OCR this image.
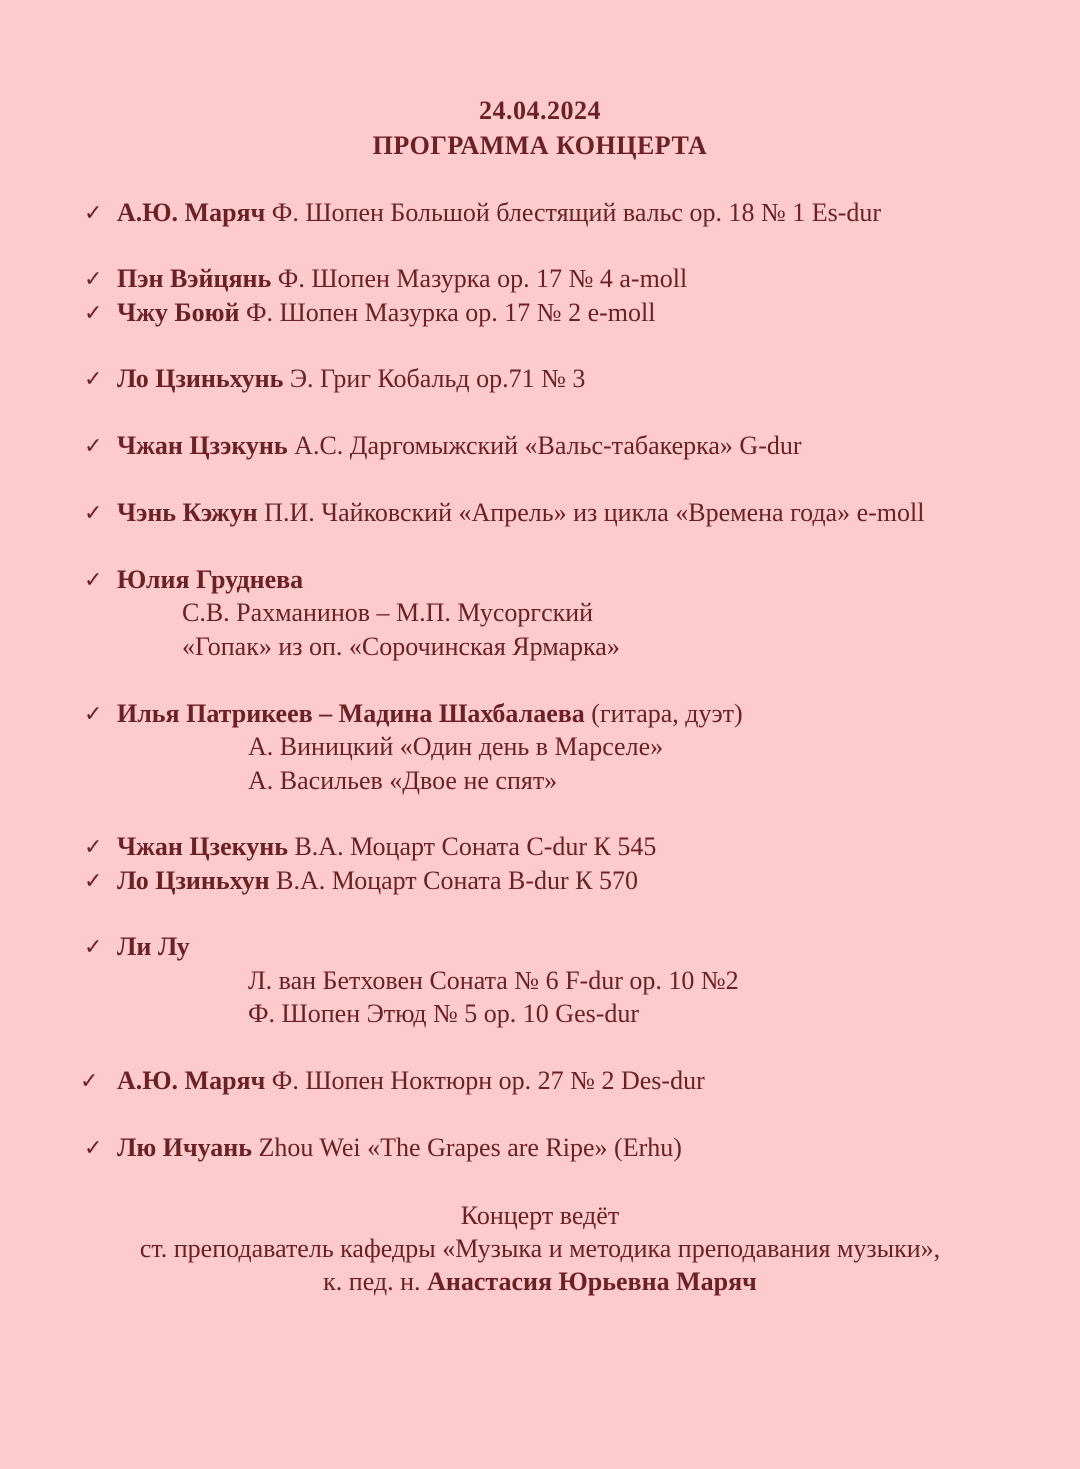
24.04.2024
ПРОГРАММА КОНЦЕРТА
✓ А.Ю. Маряч Ф. Шопен Большой блестящий вальс ор. 18 № 1 Es-dur
✓ Пэн Вэйцянь Ф. Шопен Мазурка ор. 17 № 4 a-moll
✓ Чжу Боюй Ф. Шопен Мазурка ор. 17 № 2 e-moll
✓ Ло Цзиньхунь Э. Григ Кобальд ор.71 № 3
✓ Чжан Цзэкунь А.С. Даргомыжский «Вальс-табакерка» G-dur
✓ Чэнь Кэжун П.И. Чайковский «Апрель» из цикла «Времена года» e-moll
✓ Юлия Груднева
С.В. Рахманинов – М.П. Мусоргский
«Гопак» из оп. «Сорочинская Ярмарка»
✓ Илья Патрикеев – Мадина Шахбалаева (гитара, дуэт)
А. Виницкий «Один день в Марселе»
А. Васильев «Двое не спят»
✓ Чжан Цзекунь В.А. Моцарт Соната C-dur К 545
✓ Ло Цзиньхун В.А. Моцарт Соната B-dur К 570
✓ Ли Лу
Л. ван Бетховен Соната № 6 F-dur ор. 10 №2
Ф. Шопен Этюд № 5 ор. 10 Ges-dur
✓ А.Ю. Маряч Ф. Шопен Ноктюрн ор. 27 № 2 Des-dur
✓ Лю Ичуань Zhou Wei «The Grapes are Ripe» (Erhu)
Концерт ведёт
ст. преподаватель кафедры «Музыка и методика преподавания музыки»,
к. пед. н. Анастасия Юрьевна Маряч
